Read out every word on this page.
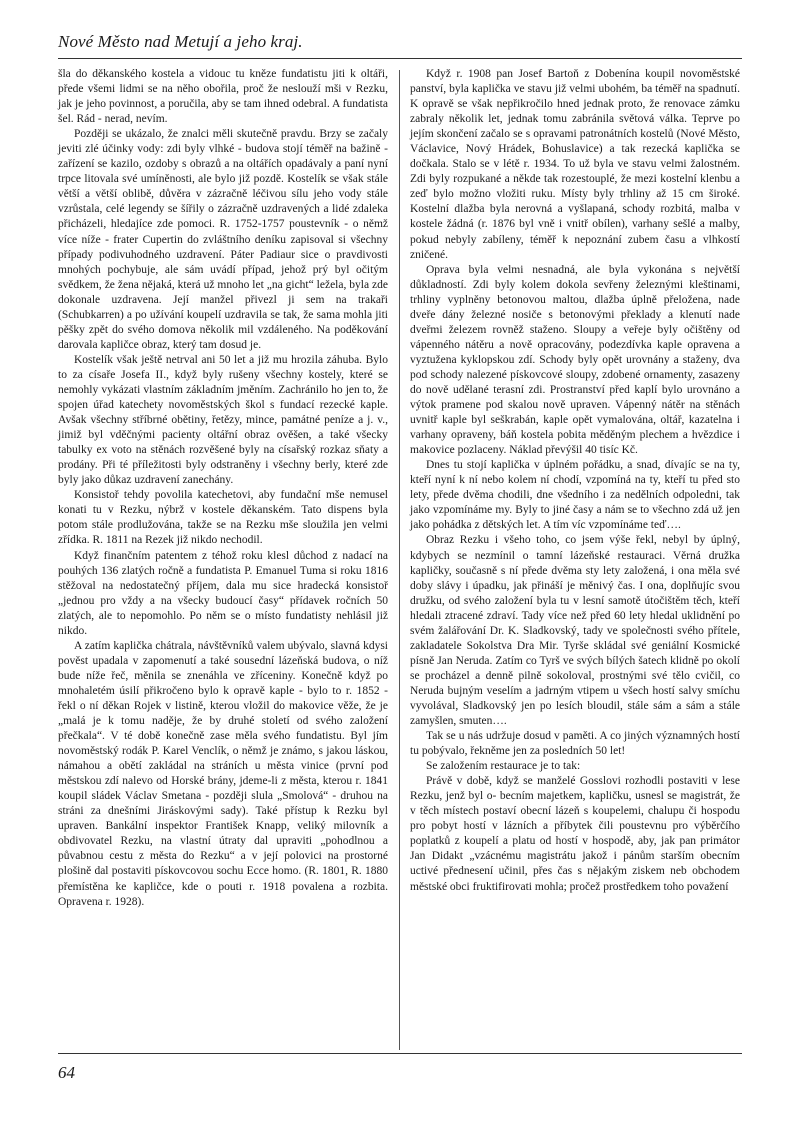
Nové Město nad Metují a jeho kraj.

šla do děkanského kostela a vidouc tu kněze fundatistu jiti k oltáři, přede všemi lidmi se na něho obořila, proč že neslouží mši v Rezku, jak je jeho povinnost, a poručila, aby se tam ihned odebral. A fundatista šel. Rád - nerad, nevím.

Později se ukázalo, že znalci měli skutečně pravdu. Brzy se začaly jeviti zlé účinky vody: zdi byly vlhké - budova stojí téměř na bažině - zařízení se kazilo, ozdoby s obrazů a na oltářích opadávaly a paní nyní trpce litovala své umíněnosti, ale bylo již pozdě. Kostelík se však stále větší a větší oblibě, důvěra v zázračně léčivou sílu jeho vody stále vzrůstala, celé legendy se šířily o zázračně uzdravených a lidé zdaleka přicházeli, hledajíce zde pomoci. R. 1752-1757 poustevník - o němž více níže - frater Cupertin do zvláštního deníku zapisoval si všechny případy podivuhodného uzdravení. Páter Padiaur sice o pravdivosti mnohých pochybuje, ale sám uvádí případ, jehož prý byl očitým svědkem, že žena nějaká, která už mnoho let „na gicht“ ležela, byla zde dokonale uzdravena. Její manžel přivezl ji sem na trakaři (Schubkarren) a po užívání koupelí uzdravila se tak, že sama mohla jiti pěšky zpět do svého domova několik mil vzdáleného. Na poděkování darovala kapličce obraz, který tam dosud je.

Kostelík však ještě netrval ani 50 let a již mu hrozila záhuba. Bylo to za císaře Josefa II., když byly rušeny všechny kostely, které se nemohly vykázati vlastním základním jměním. Zachránilo ho jen to, že spojen úřad katechety novoměstských škol s fundací rezecké kaple. Avšak všechny stříbrné obětiny, řetězy, mince, památné peníze a j. v., jimiž byl vděčnými pacienty oltářní obraz ověšen, a také všecky tabulky ex voto na stěnách rozvěšené byly na císařský rozkaz sňaty a prodány. Při té příležitosti byly odstraněny i všechny berly, které zde byly jako důkaz uzdravení zanechány.

Konsistoř tehdy povolila katechetovi, aby fundační mše nemusel konati tu v Rezku, nýbrž v kostele děkanském. Tato dispens byla potom stále prodlužována, takže se na Rezku mše sloužila jen velmi zřídka. R. 1811 na Rezek již nikdo nechodil.

Když finančním patentem z téhož roku klesl důchod z nadací na pouhých 136 zlatých ročně a fundatista P. Emanuel Tuma si roku 1816 stěžoval na nedostatečný příjem, dala mu sice hradecká konsistoř „jednou pro vždy a na všecky budoucí časy“ přídavek ročních 50 zlatých, ale to nepomohlo. Po něm se o místo fundatisty nehlásil již nikdo.

A zatím kaplička chátrala, návštěvníků valem ubývalo, slavná kdysi pověst upadala v zapomenutí a také sousední lázeňská budova, o níž bude níže řeč, měnila se znenáhla ve zříceniny. Konečně když po mnohaletém úsilí přikročeno bylo k opravě kaple - bylo to r. 1852 - řekl o ní děkan Rojek v listině, kterou vložil do makovice věže, že je „malá je k tomu naděje, že by druhé století od svého založení přečkala“. V té době konečně zase měla svého fundatistu. Byl jím novoměstský rodák P. Karel Venclík, o němž je známo, s jakou láskou, námahou a obětí zakládal na stráních u města vinice (první pod městskou zdí nalevo od Horské brány, jdeme-li z města, kterou r. 1841 koupil sládek Václav Smetana - později slula „Smolová“ - druhou na stráni za dnešními Jiráskovými sady). Také přístup k Rezku byl upraven. Bankální inspektor František Knapp, veliký milovník a obdivovatel Rezku, na vlastní útraty dal upraviti „pohodlnou a půvabnou cestu z města do Rezku“ a v její polovici na prostorné plošině dal postaviti pískovcovou sochu Ecce homo. (R. 1801, R. 1880 přemístěna ke kapličce, kde o pouti r. 1918 povalena a rozbita. Opravena r. 1928).

Když r. 1908 pan Josef Bartoň z Dobenína koupil novoměstské panství, byla kaplička ve stavu již velmi ubohém, ba téměř na spadnutí. K opravě se však nepřikročilo hned jednak proto, že renovace zámku zabraly několik let, jednak tomu zabránila světová válka. Teprve po jejím skončení začalo se s opravami patronátních kostelů (Nové Město, Václavice, Nový Hrádek, Bohuslavice) a tak rezecká kaplička se dočkala. Stalo se v létě r. 1934. To už byla ve stavu velmi žalostném. Zdi byly rozpukané a někde tak rozestouplé, že mezi kostelní klenbu a zeď bylo možno vložiti ruku. Místy byly trhliny až 15 cm široké. Kostelní dlažba byla nerovná a vyšlapaná, schody rozbitá, malba v kostele žádná (r. 1876 byl vně i vnitř obílen), varhany sešlé a malby, pokud nebyly zabíleny, téměř k nepoznání zubem času a vlhkostí zničené.

Oprava byla velmi nesnadná, ale byla vykonána s největší důkladností. Zdi byly kolem dokola sevřeny železnými kleštinami, trhliny vyplněny betonovou maltou, dlažba úplně přeložena, nade dveře dány železné nosiče s betonovými překlady a klenutí nade dveřmi železem rovněž staženo. Sloupy a veřeje byly očištěny od vápenného nátěru a nově opracovány, podezdívka kaple opravena a vyztužena kyklopskou zdí. Schody byly opět urovnány a staženy, dva pod schody nalezené pískovcové sloupy, zdobené ornamenty, zasazeny do nově udělané terasní zdi. Prostranství před kaplí bylo urovnáno a výtok pramene pod skalou nově upraven. Vápenný nátěr na stěnách uvnitř kaple byl seškrabán, kaple opět vymalována, oltář, kazatelna i varhany opraveny, báň kostela pobita měděným plechem a hvězdice i makovice pozlaceny. Náklad převýšil 40 tisíc Kč.

Dnes tu stojí kaplička v úplném pořádku, a snad, dívajíc se na ty, kteří nyní k ní nebo kolem ní chodí, vzpomíná na ty, kteří tu před sto lety, přede dvěma chodili, dne všedního i za nedělních odpoledni, tak jako vzpomínáme my. Byly to jiné časy a nám se to všechno zdá už jen jako pohádka z dětských let. A tím víc vzpomínáme teď….

Obraz Rezku i všeho toho, co jsem výše řekl, nebyl by úplný, kdybych se nezmínil o tamní lázeňské restauraci. Věrná družka kapličky, současně s ní přede dvěma sty lety založená, i ona měla své doby slávy i úpadku, jak přináší je měnivý čas. I ona, doplňujíc svou družku, od svého založení byla tu v lesní samotě útočištěm těch, kteří hledali ztracené zdraví. Tady více než před 60 lety hledal uklidnění po svém žalářování Dr. K. Sladkovský, tady ve společnosti svého přítele, zakladatele Sokolstva Dra Mir. Tyrše skládal své geniální Kosmické písně Jan Neruda. Zatím co Tyrš ve svých bílých šatech klidně po okolí se procházel a denně pilně sokoloval, prostnými své tělo cvičil, co Neruda bujným veselím a jadrným vtipem u všech hostí salvy smíchu vyvolával, Sladkovský jen po lesích bloudil, stále sám a sám a stále zamyšlen, smuten….

Tak se u nás udržuje dosud v paměti. A co jiných významných hostí tu pobývalo, řekněme jen za posledních 50 let!

Se založením restaurace je to tak:

Právě v době, když se manželé Gosslovi rozhodli postaviti v lese Rezku, jenž byl o- becním majetkem, kapličku, usnesl se magistrát, že v těch místech postaví obecní lázeň s koupelemi, chalupu či hospodu pro pobyt hostí v lázních a příbytek čili poustevnu pro výběrčího poplatků z koupelí a platu od hostí v hospodě, aby, jak pan primátor Jan Didakt „vzácnému magistrátu jakož i pánům starším obecním uctivé přednesení učinil, přes čas s nějakým ziskem neb obchodem městské obci fruktifirovati mohla; pročež prostředkem toho považení

64
